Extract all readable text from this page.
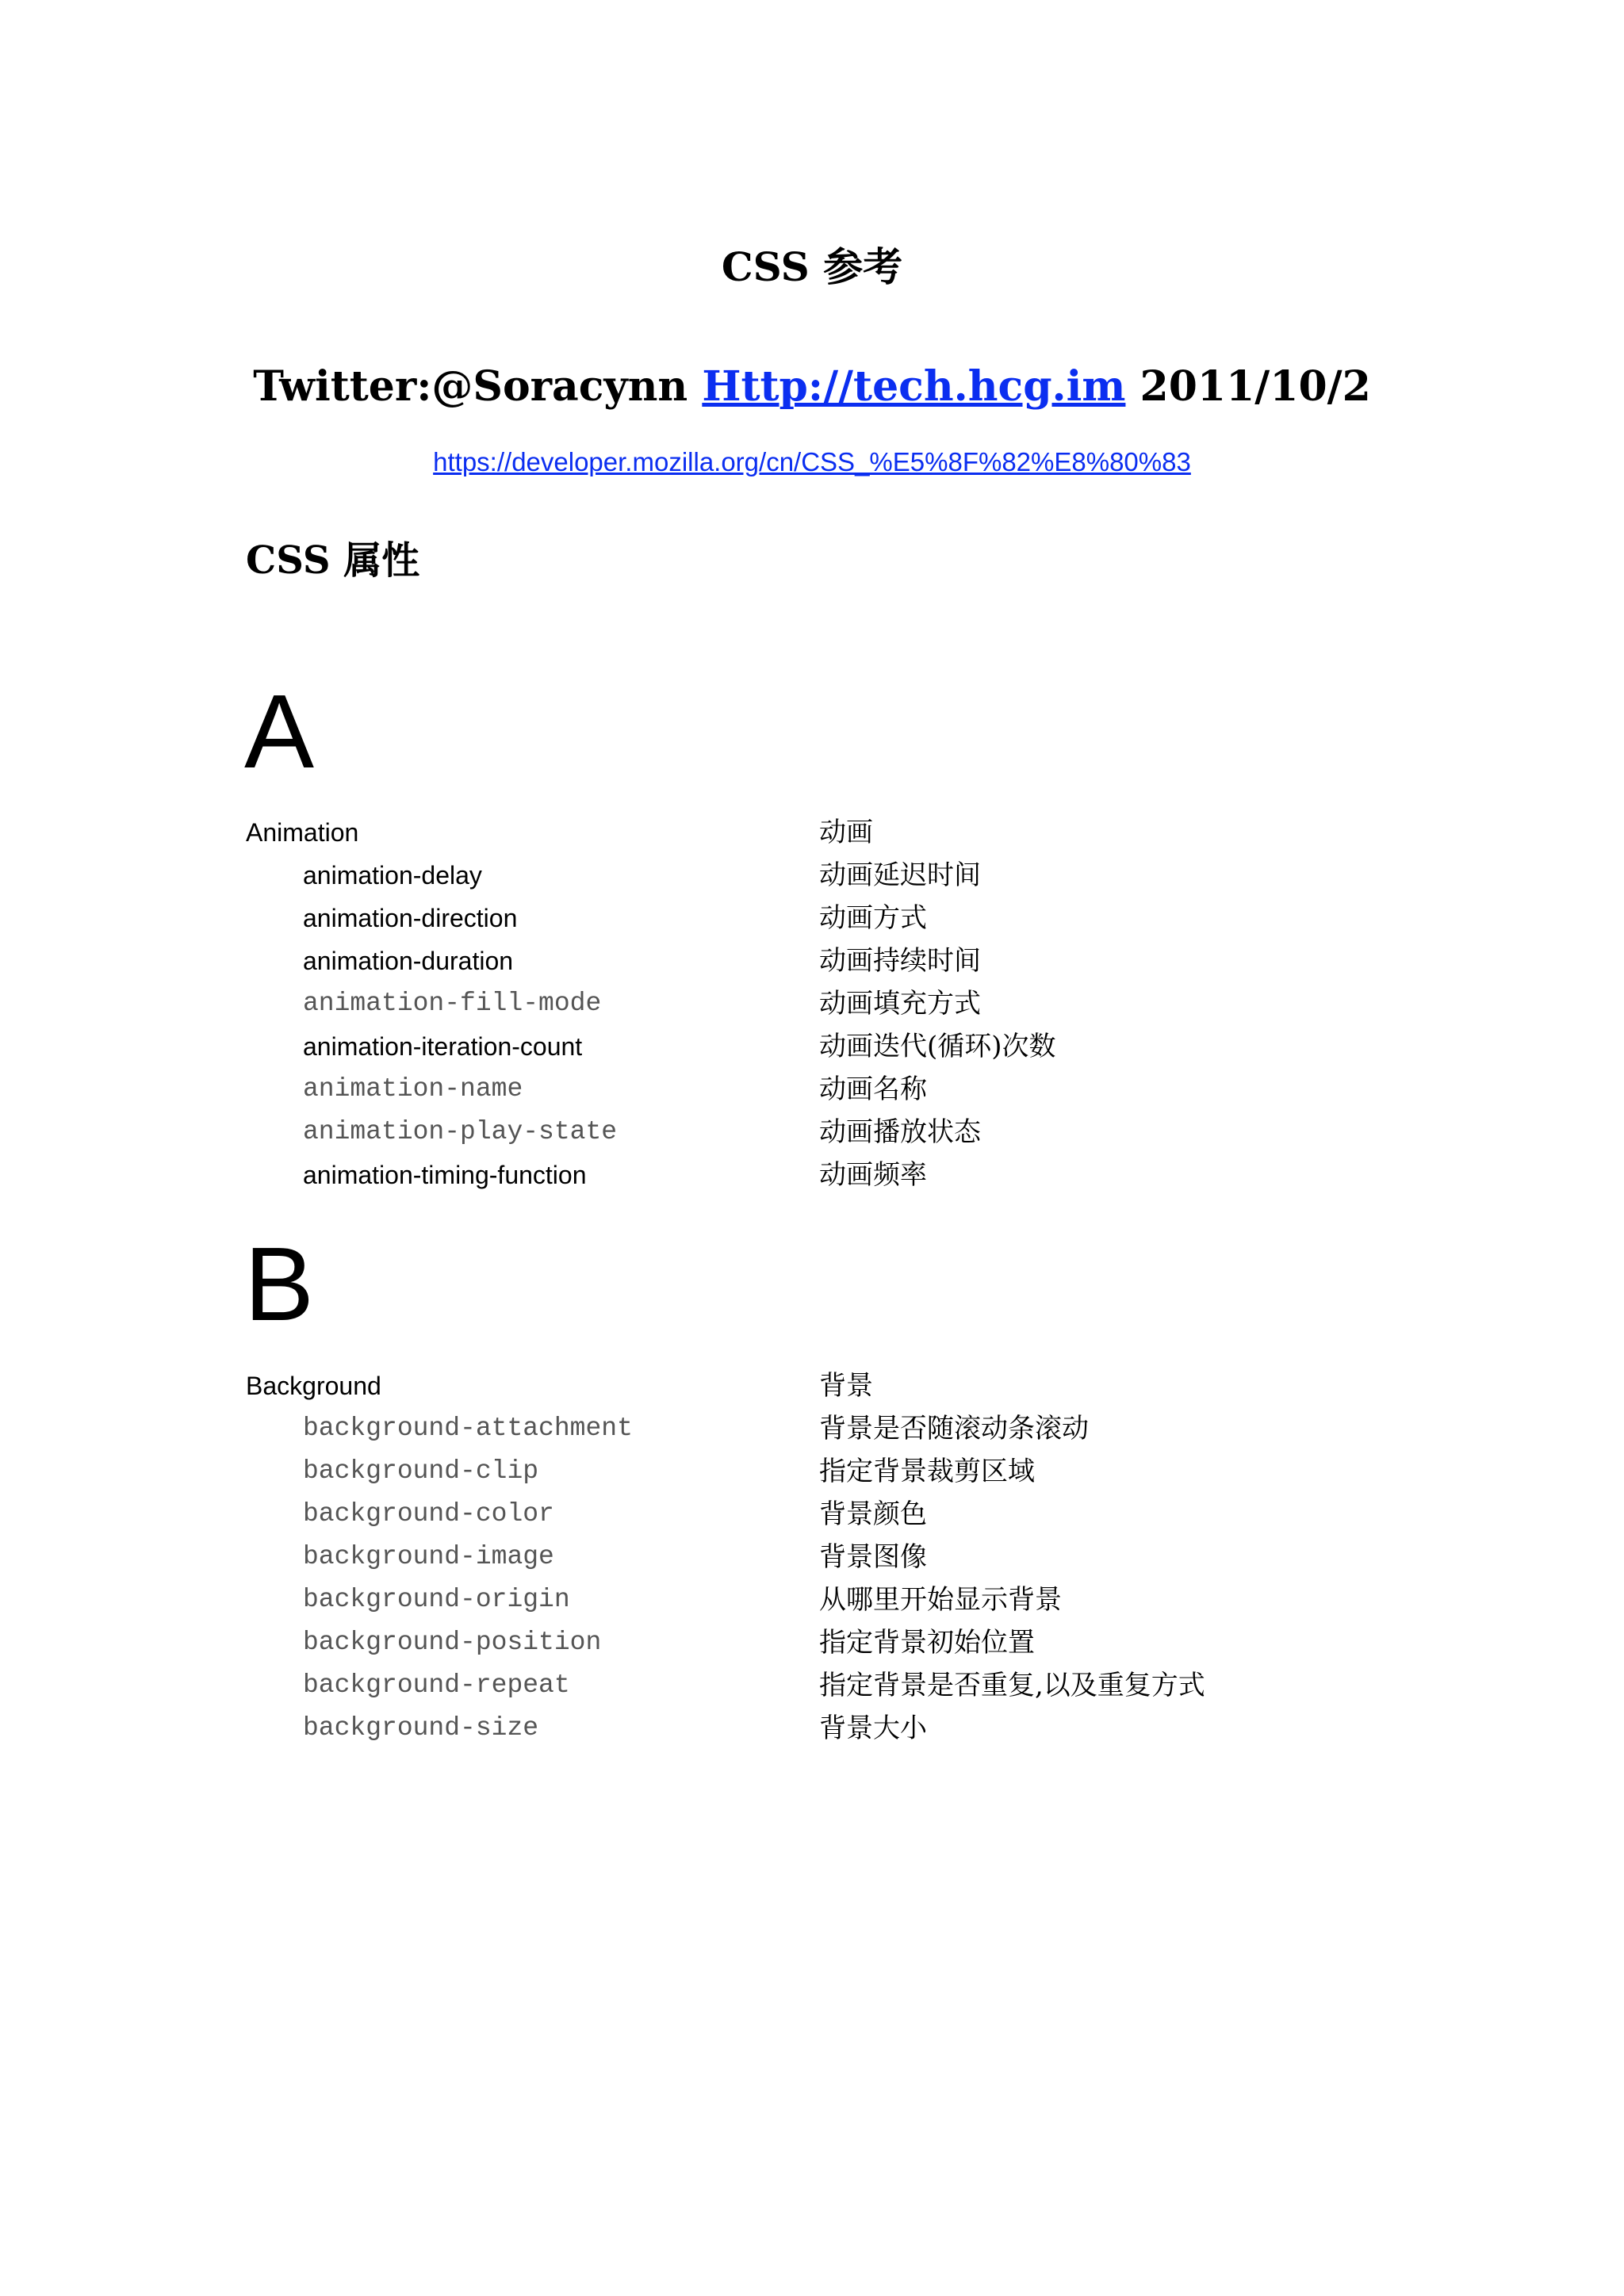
CSS 参考
Twitter:@Soracynn Http://tech.hcg.im 2011/10/2
https://developer.mozilla.org/cn/CSS_%E5%8F%82%E8%80%83
CSS 属性
A
Animation	动画
animation-delay	动画延迟时间
animation-direction	动画方式
animation-duration	动画持续时间
animation-fill-mode	动画填充方式
animation-iteration-count	动画迭代(循环)次数
animation-name	动画名称
animation-play-state	动画播放状态
animation-timing-function	动画频率
B
Background	背景
background-attachment	背景是否随滚动条滚动
background-clip	指定背景裁剪区域
background-color	背景颜色
background-image	背景图像
background-origin	从哪里开始显示背景
background-position	指定背景初始位置
background-repeat	指定背景是否重复,以及重复方式
background-size	背景大小
